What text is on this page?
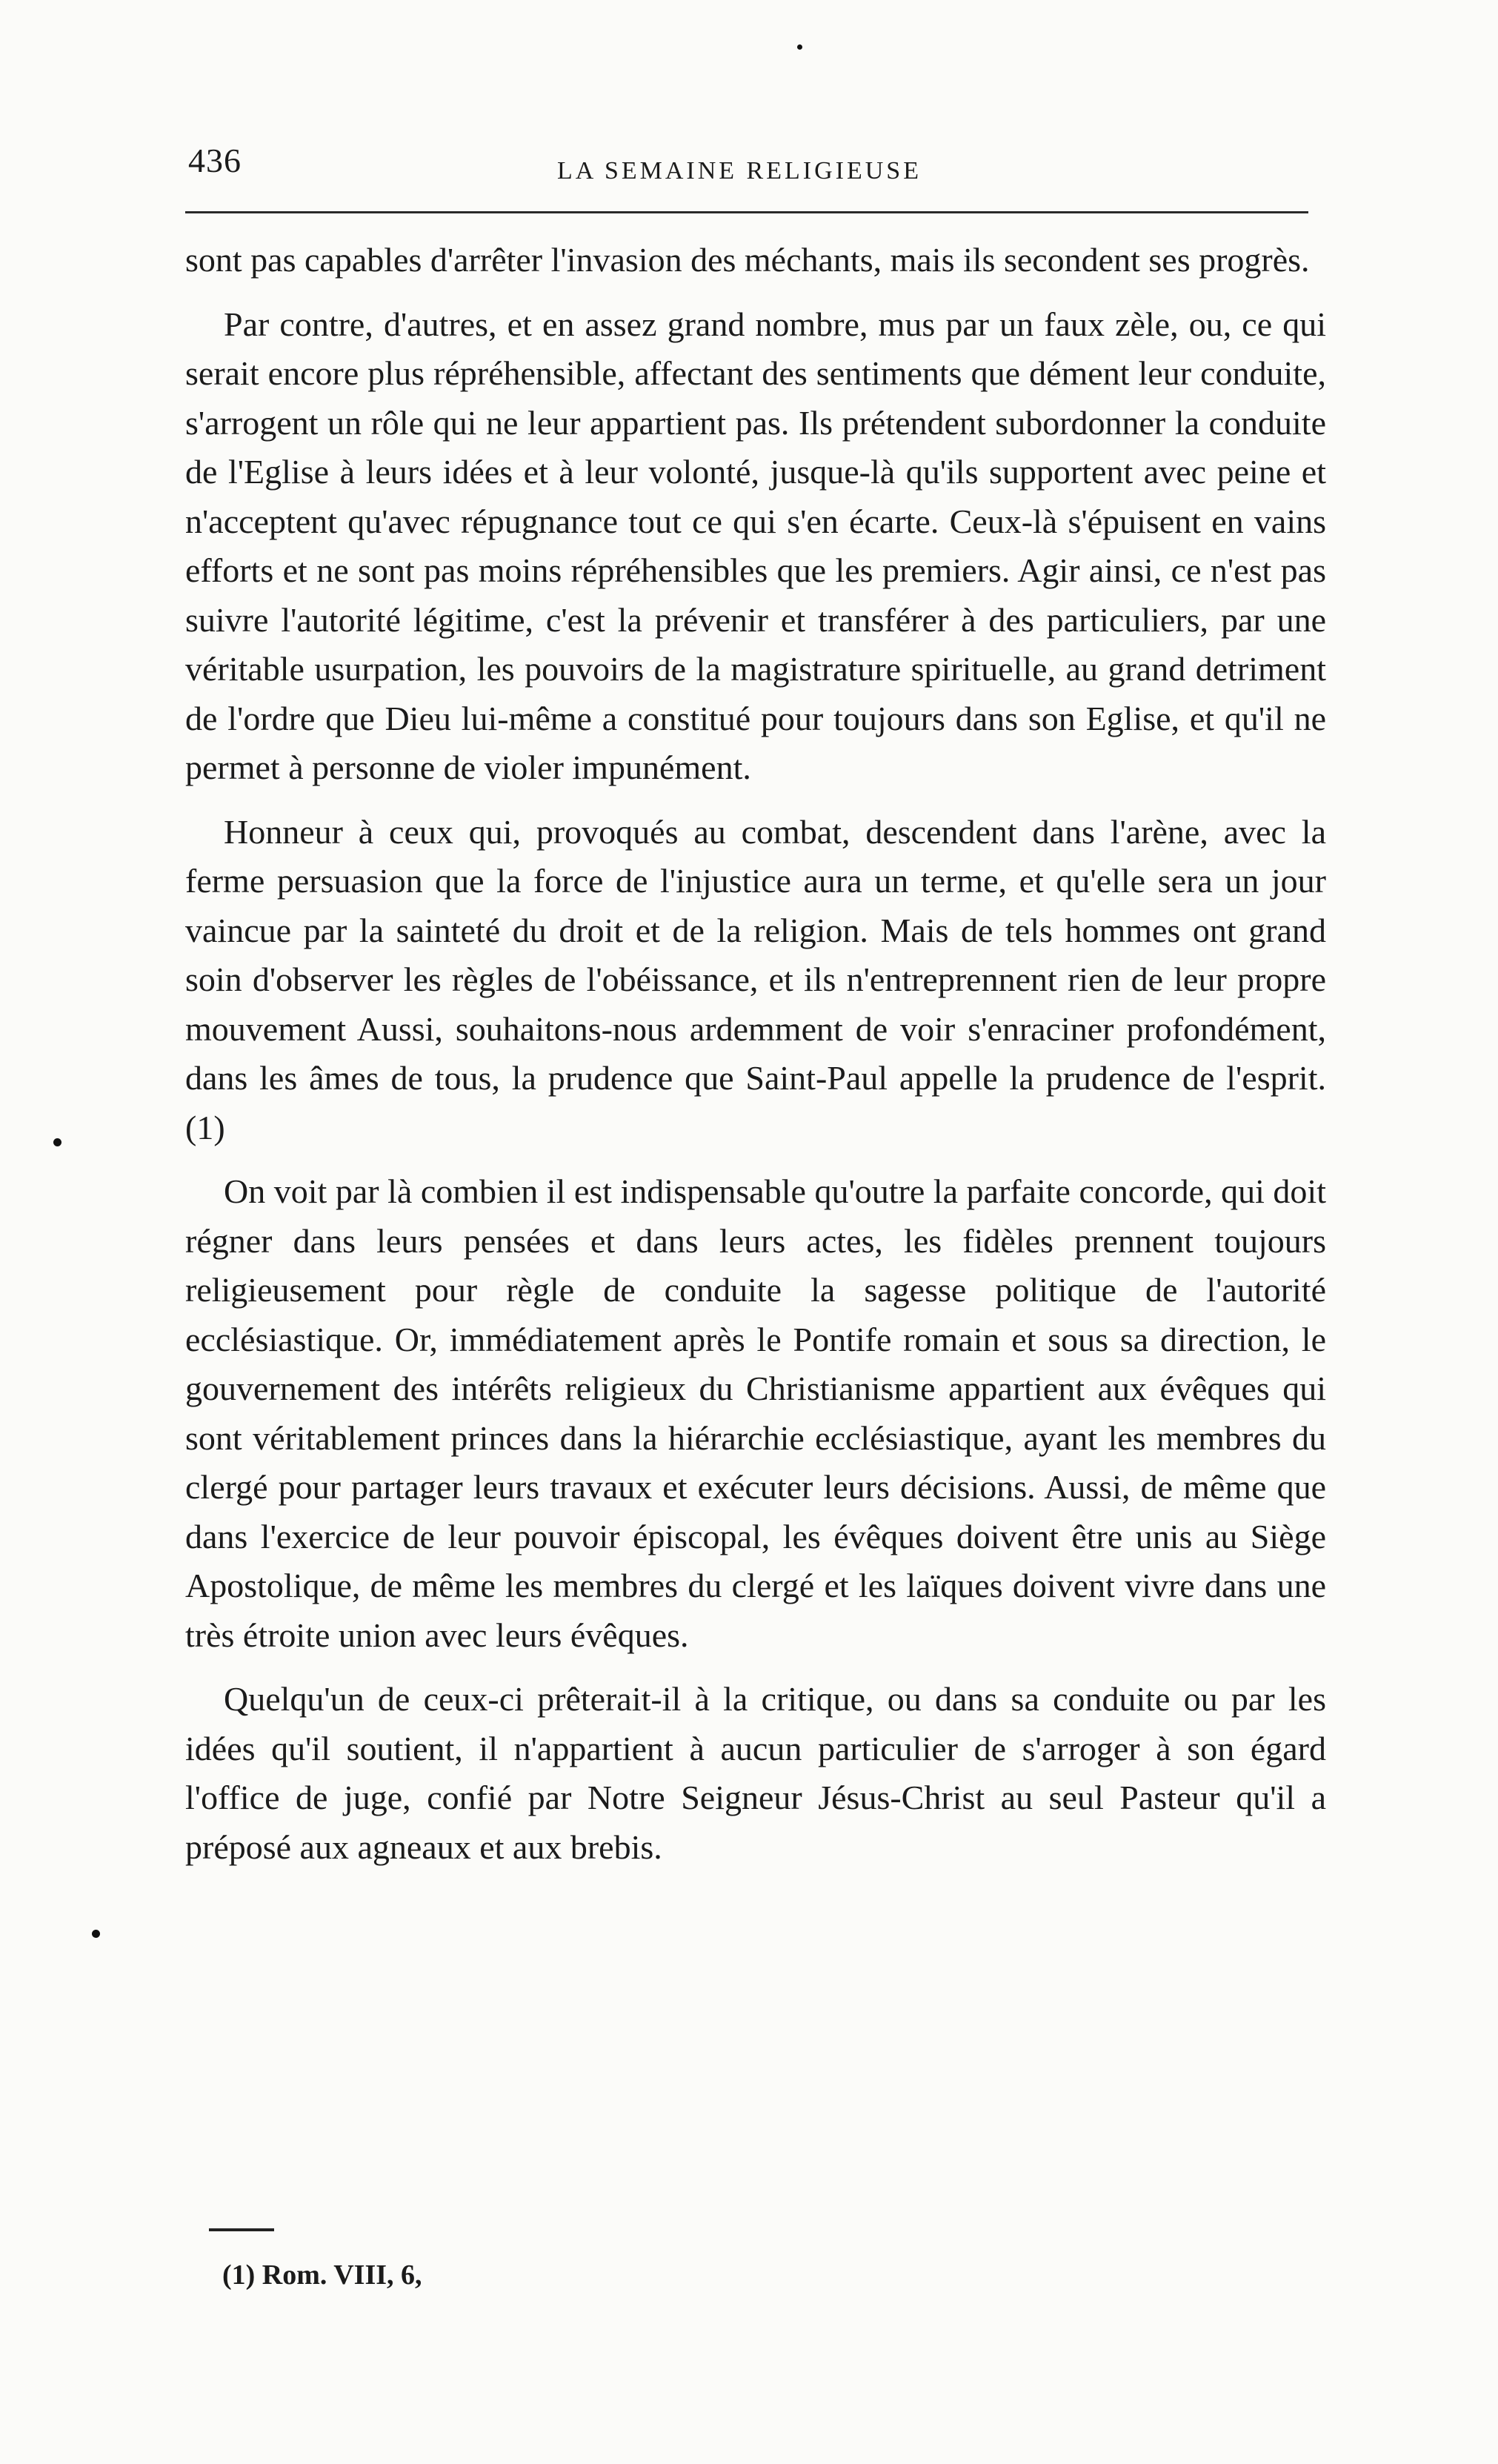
436	LA SEMAINE RELIGIEUSE

sont pas capables d'arrêter l'invasion des méchants, mais ils secondent ses progrès.

Par contre, d'autres, et en assez grand nombre, mus par un faux zèle, ou, ce qui serait encore plus répréhensible, affectant des sentiments que dément leur conduite, s'arrogent un rôle qui ne leur appartient pas. Ils prétendent subordonner la conduite de l'Eglise à leurs idées et à leur volonté, jusque-là qu'ils supportent avec peine et n'acceptent qu'avec répugnance tout ce qui s'en écarte. Ceux-là s'épuisent en vains efforts et ne sont pas moins répréhensibles que les premiers. Agir ainsi, ce n'est pas suivre l'autorité légitime, c'est la prévenir et transférer à des particuliers, par une véritable usurpation, les pouvoirs de la magistrature spirituelle, au grand detriment de l'ordre que Dieu lui-même a constitué pour toujours dans son Eglise, et qu'il ne permet à personne de violer impunément.

Honneur à ceux qui, provoqués au combat, descendent dans l'arène, avec la ferme persuasion que la force de l'injustice aura un terme, et qu'elle sera un jour vaincue par la sainteté du droit et de la religion. Mais de tels hommes ont grand soin d'observer les règles de l'obéissance, et ils n'entreprennent rien de leur propre mouvement Aussi, souhaitons-nous ardemment de voir s'enraciner profondément, dans les âmes de tous, la prudence que Saint-Paul appelle la prudence de l'esprit. (1)

On voit par là combien il est indispensable qu'outre la parfaite concorde, qui doit régner dans leurs pensées et dans leurs actes, les fidèles prennent toujours religieusement pour règle de conduite la sagesse politique de l'autorité ecclésiastique. Or, immédiatement après le Pontife romain et sous sa direction, le gouvernement des intérêts religieux du Christianisme appartient aux évêques qui sont véritablement princes dans la hiérarchie ecclésiastique, ayant les membres du clergé pour partager leurs travaux et exécuter leurs décisions. Aussi, de même que dans l'exercice de leur pouvoir épiscopal, les évêques doivent être unis au Siège Apostolique, de même les membres du clergé et les laïques doivent vivre dans une très étroite union avec leurs évêques.

Quelqu'un de ceux-ci prêterait-il à la critique, ou dans sa conduite ou par les idées qu'il soutient, il n'appartient à aucun particulier de s'arroger à son égard l'office de juge, confié par Notre Seigneur Jésus-Christ au seul Pasteur qu'il a préposé aux agneaux et aux brebis.

(1) Rom. VIII, 6,
